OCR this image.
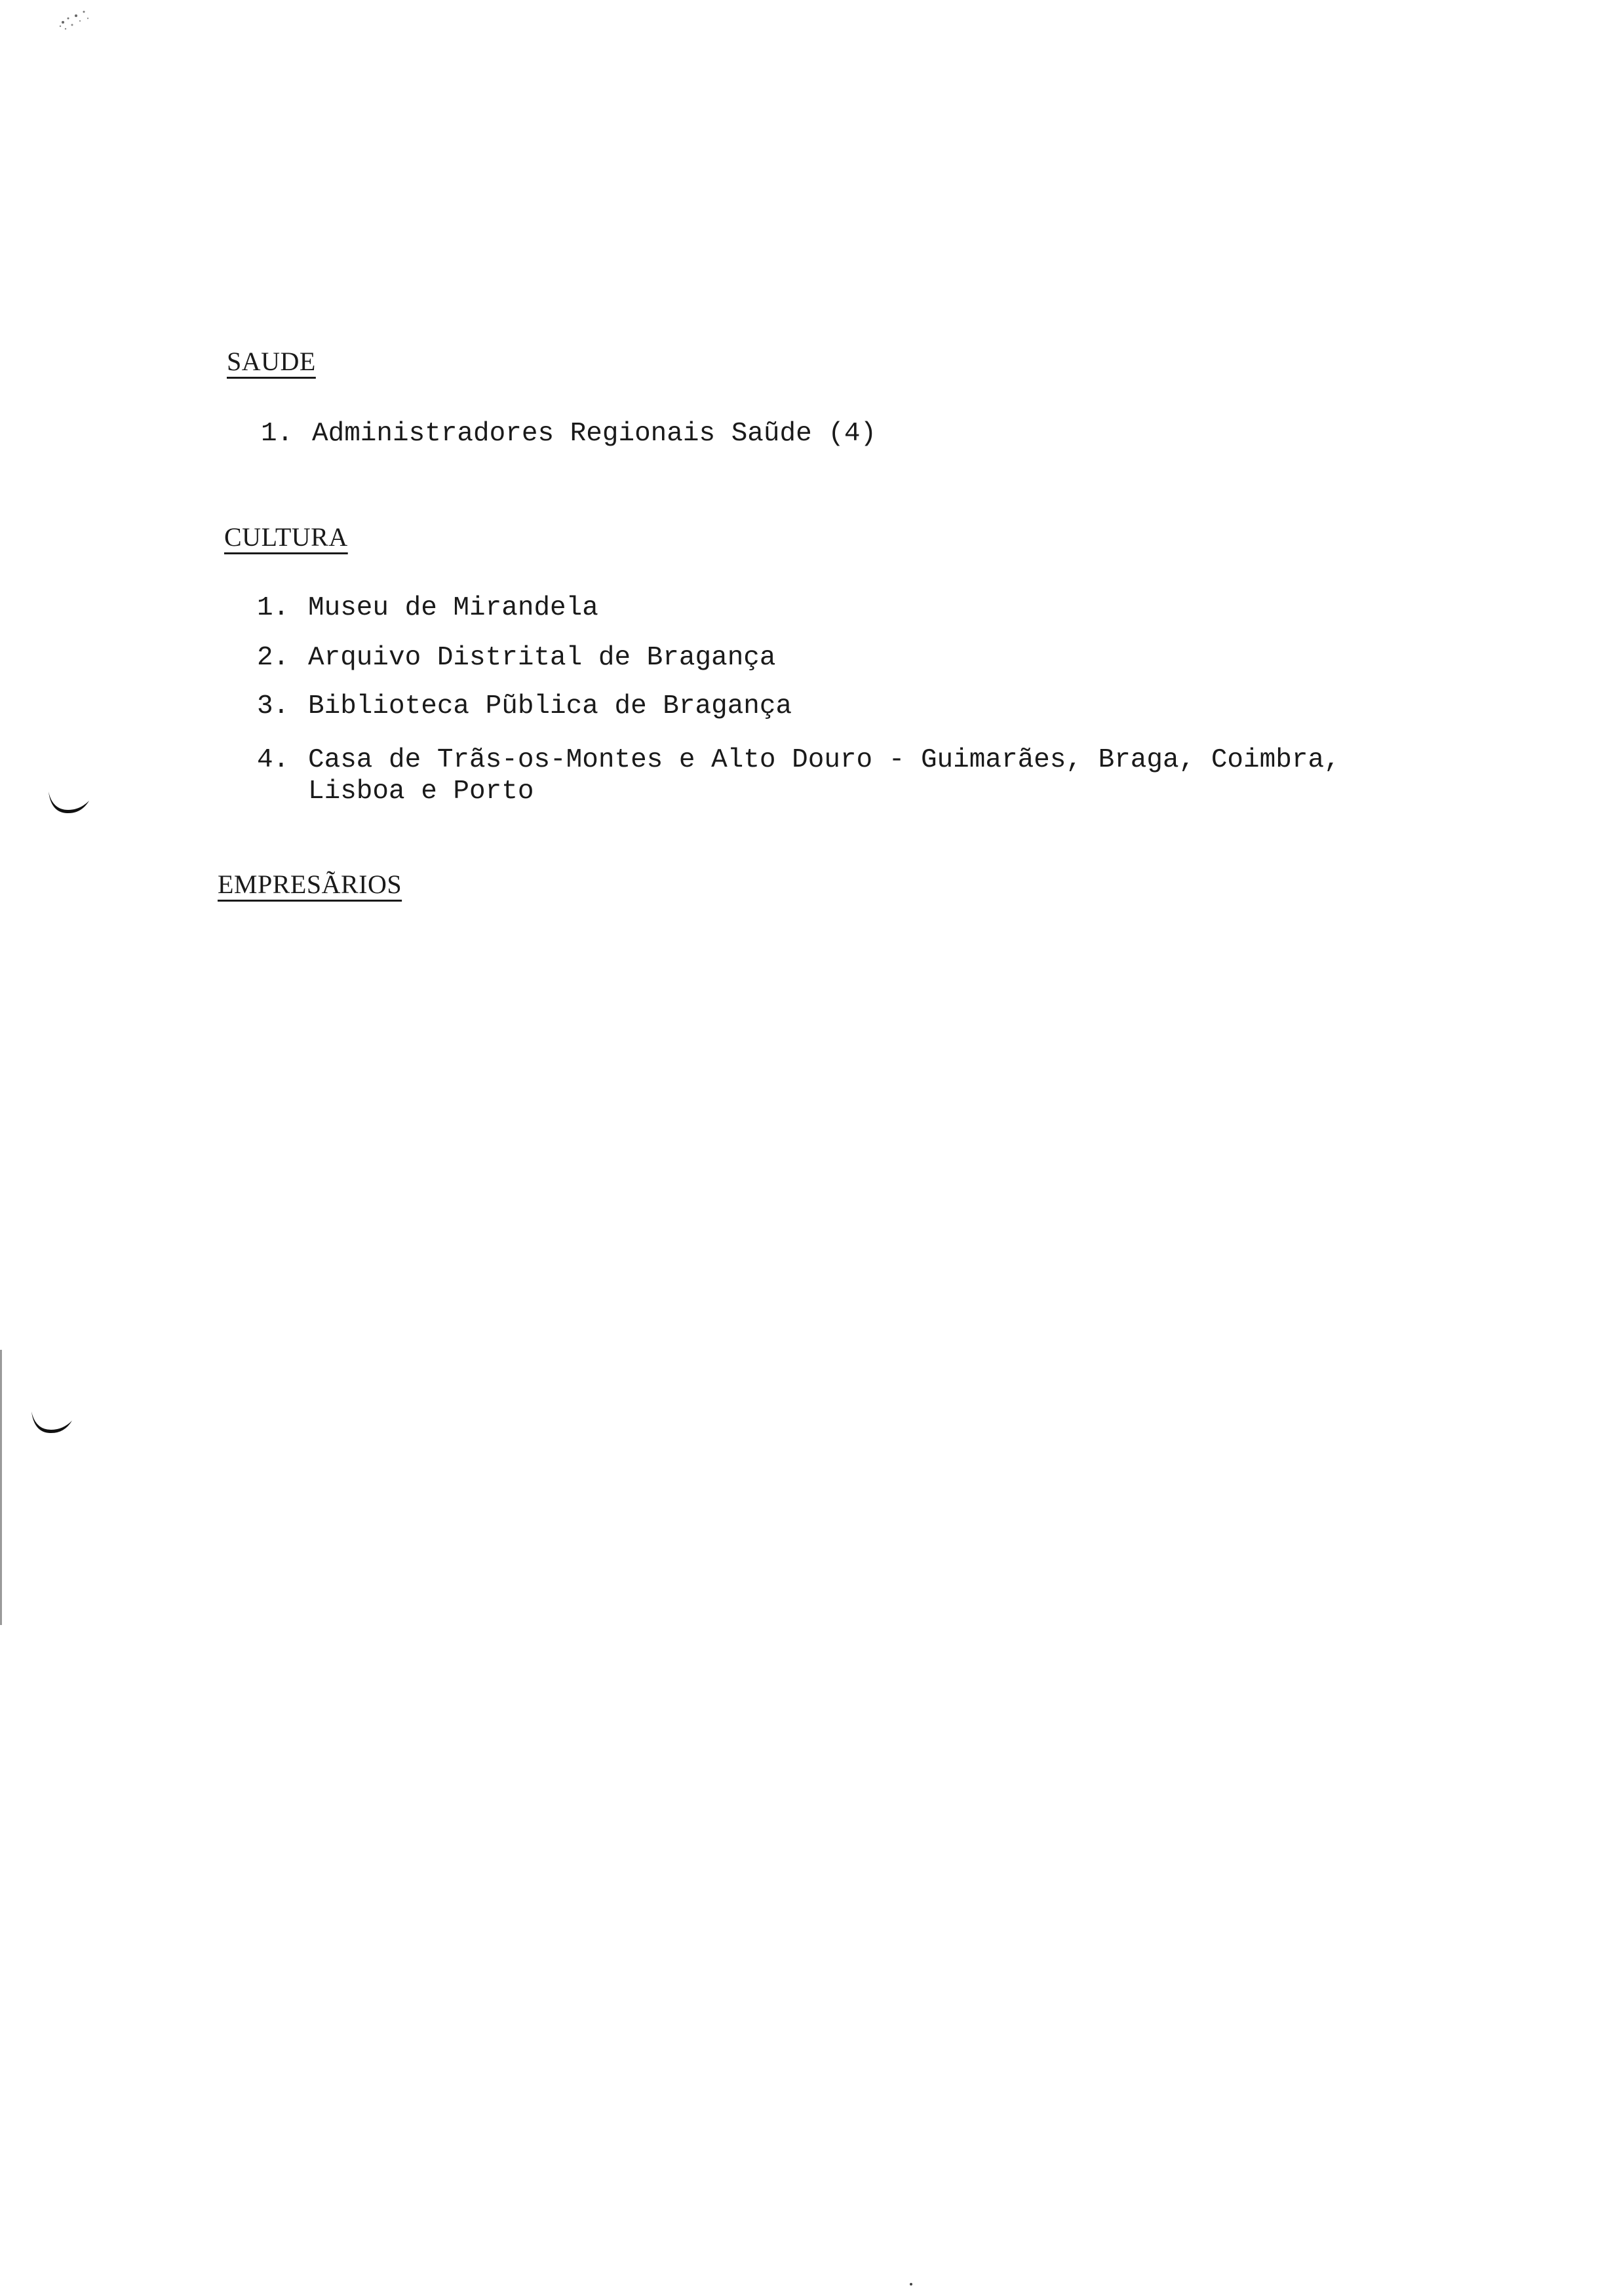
SAUDE
1. Administradores Regionais Saũde (4)
CULTURA
1. Museu de Mirandela
2. Arquivo Distrital de Bragança
3. Biblioteca Pũblica de Bragança
4. Casa de Trãs-os-Montes e Alto Douro - Guimarães, Braga, Coimbra,
Lisboa e Porto
EMPRESÃRIOS
